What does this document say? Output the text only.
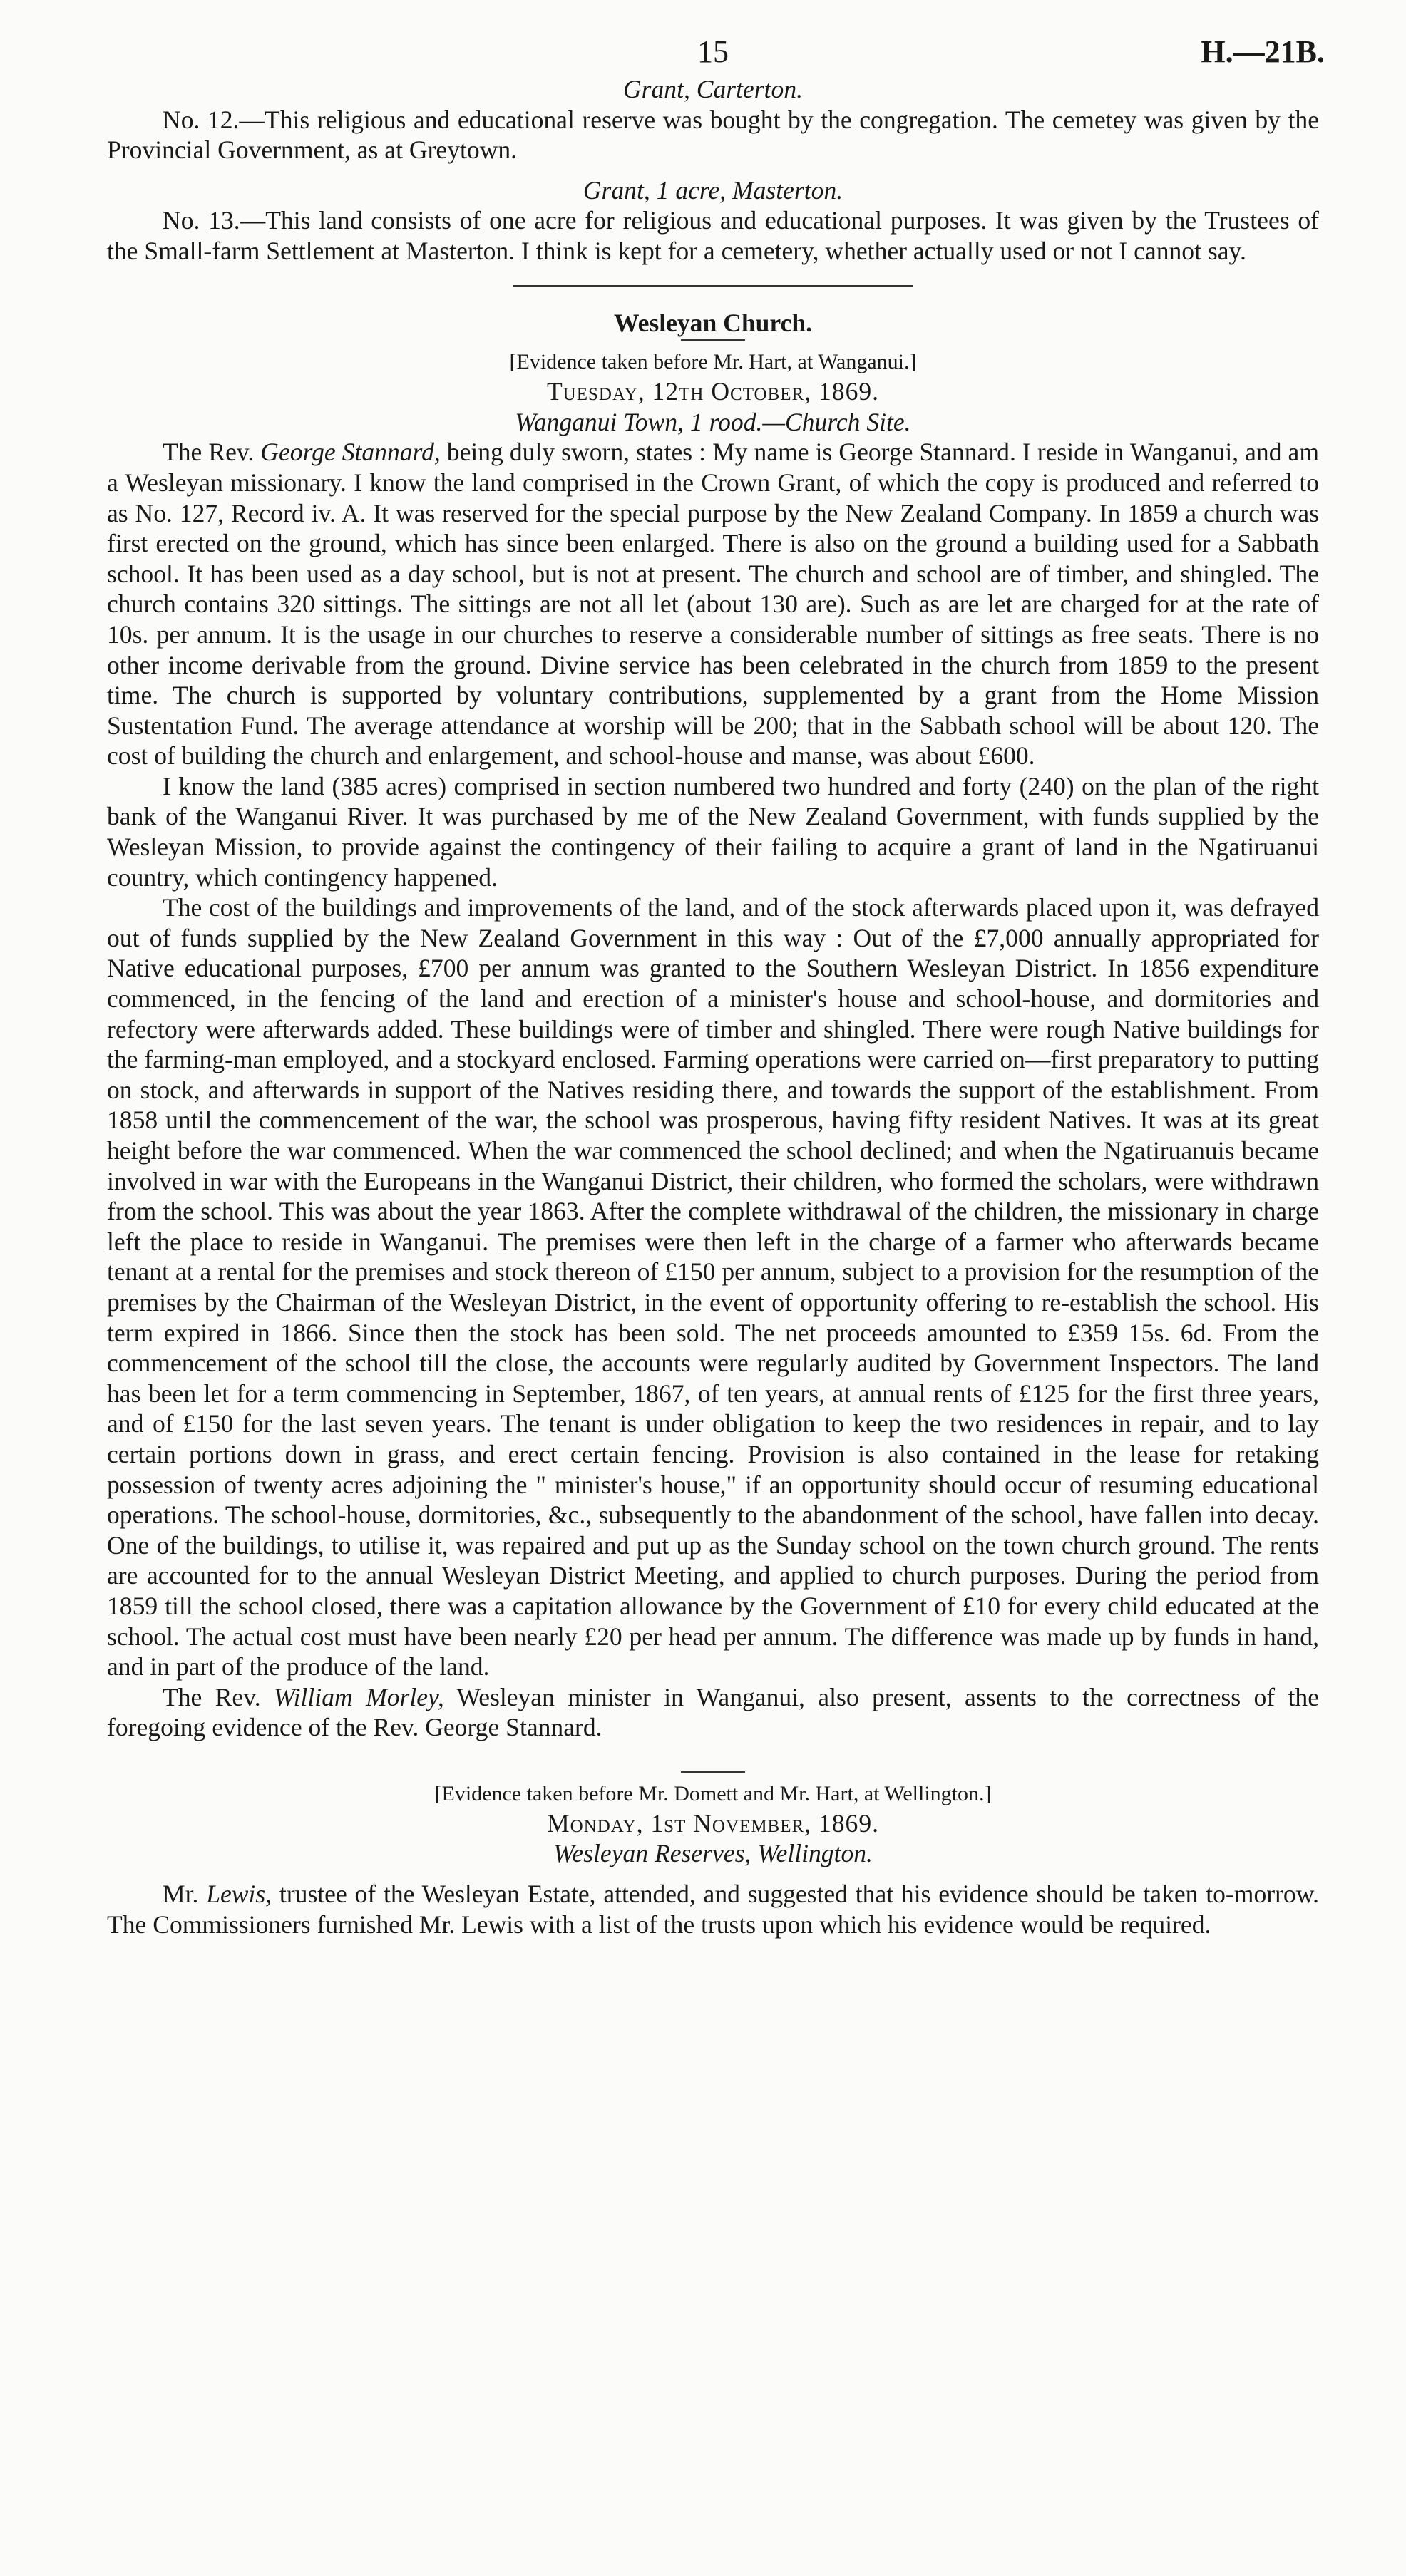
15	H.—21B.

Grant, Carterton.

No. 12.—This religious and educational reserve was bought by the congregation. The cemetey was given by the Provincial Government, as at Greytown.

Grant, 1 acre, Masterton.

No. 13.—This land consists of one acre for religious and educational purposes. It was given by the Trustees of the Small-farm Settlement at Masterton. I think is kept for a cemetery, whether actually used or not I cannot say.

Wesleyan Church.

[Evidence taken before Mr. Hart, at Wanganui.]

Tuesday, 12th October, 1869.

Wanganui Town, 1 rood.—Church Site.

The Rev. George Stannard, being duly sworn, states : My name is George Stannard. I reside in Wanganui, and am a Wesleyan missionary. I know the land comprised in the Crown Grant, of which the copy is produced and referred to as No. 127, Record iv. A. It was reserved for the special purpose by the New Zealand Company. In 1859 a church was first erected on the ground, which has since been enlarged. There is also on the ground a building used for a Sabbath school. It has been used as a day school, but is not at present. The church and school are of timber, and shingled. The church contains 320 sittings. The sittings are not all let (about 130 are). Such as are let are charged for at the rate of 10s. per annum. It is the usage in our churches to reserve a considerable number of sittings as free seats. There is no other income derivable from the ground. Divine service has been celebrated in the church from 1859 to the present time. The church is supported by voluntary contributions, supplemented by a grant from the Home Mission Sustentation Fund. The average attendance at worship will be 200; that in the Sabbath school will be about 120. The cost of building the church and enlargement, and school-house and manse, was about £600.

I know the land (385 acres) comprised in section numbered two hundred and forty (240) on the plan of the right bank of the Wanganui River. It was purchased by me of the New Zealand Government, with funds supplied by the Wesleyan Mission, to provide against the contingency of their failing to acquire a grant of land in the Ngatiruanui country, which contingency happened.

The cost of the buildings and improvements of the land, and of the stock afterwards placed upon it, was defrayed out of funds supplied by the New Zealand Government in this way : Out of the £7,000 annually appropriated for Native educational purposes, £700 per annum was granted to the Southern Wesleyan District. In 1856 expenditure commenced, in the fencing of the land and erection of a minister's house and school-house, and dormitories and refectory were afterwards added. These buildings were of timber and shingled. There were rough Native buildings for the farming-man employed, and a stockyard enclosed. Farming operations were carried on—first preparatory to putting on stock, and afterwards in support of the Natives residing there, and towards the support of the establishment. From 1858 until the commencement of the war, the school was prosperous, having fifty resident Natives. It was at its great height before the war commenced. When the war commenced the school declined; and when the Ngatiruanuis became involved in war with the Europeans in the Wanganui District, their children, who formed the scholars, were withdrawn from the school. This was about the year 1863. After the complete withdrawal of the children, the missionary in charge left the place to reside in Wanganui. The premises were then left in the charge of a farmer who afterwards became tenant at a rental for the premises and stock thereon of £150 per annum, subject to a provision for the resumption of the premises by the Chairman of the Wesleyan District, in the event of opportunity offering to re-establish the school. His term expired in 1866. Since then the stock has been sold. The net proceeds amounted to £359 15s. 6d. From the commencement of the school till the close, the accounts were regularly audited by Government Inspectors. The land has been let for a term commencing in September, 1867, of ten years, at annual rents of £125 for the first three years, and of £150 for the last seven years. The tenant is under obligation to keep the two residences in repair, and to lay certain portions down in grass, and erect certain fencing. Provision is also contained in the lease for retaking possession of twenty acres adjoining the " minister's house," if an opportunity should occur of resuming educational operations. The school-house, dormitories, &c., subsequently to the abandonment of the school, have fallen into decay. One of the buildings, to utilise it, was repaired and put up as the Sunday school on the town church ground. The rents are accounted for to the annual Wesleyan District Meeting, and applied to church purposes. During the period from 1859 till the school closed, there was a capitation allowance by the Government of £10 for every child educated at the school. The actual cost must have been nearly £20 per head per annum. The difference was made up by funds in hand, and in part of the produce of the land.

The Rev. William Morley, Wesleyan minister in Wanganui, also present, assents to the correctness of the foregoing evidence of the Rev. George Stannard.

[Evidence taken before Mr. Domett and Mr. Hart, at Wellington.]

Monday, 1st November, 1869.

Wesleyan Reserves, Wellington.

Mr. Lewis, trustee of the Wesleyan Estate, attended, and suggested that his evidence should be taken to-morrow. The Commissioners furnished Mr. Lewis with a list of the trusts upon which his evidence would be required.
